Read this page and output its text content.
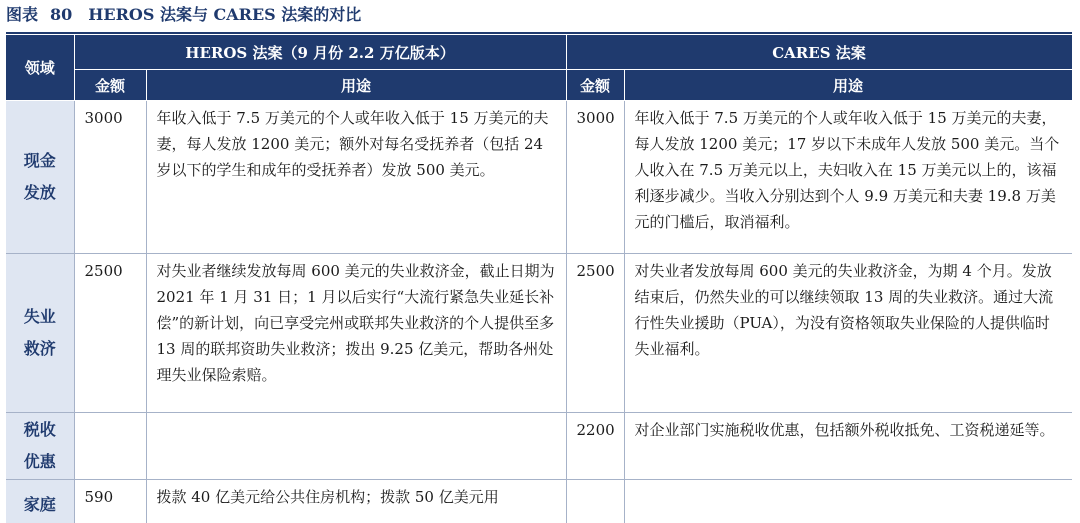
图表 80 HEROS 法案与 CARES 法案的对比
领域	HEROS 法案（9 月份 2.2 万亿版本）		CARES 法案	
	金额	用途	金额	用途

现金
发放	3000	年收入低于 7.5 万美元的个人或年收入低于 15 万美元的夫妻，每人发放 1200 美元；额外对每名受抚养者（包括 24 岁以下的学生和成年的受抚养者）发放 500 美元。	3000	年收入低于 7.5 万美元的个人或年收入低于 15 万美元的夫妻，每人发放 1200 美元；17 岁以下未成年人发放 500 美元。当个人收入在 7.5 万美元以上，夫妇收入在 15 万美元以上的，该福利逐步减少。当收入分别达到个人 9.9 万美元和夫妻 19.8 万美元的门槛后，取消福利。

失业
救济	2500	对失业者继续发放每周 600 美元的失业救济金，截止日期为 2021 年 1 月 31 日；1 月以后实行“大流行紧急失业延长补偿”的新计划，向已享受完州或联邦失业救济的个人提供至多 13 周的联邦资助失业救济；拨出 9.25 亿美元，帮助各州处理失业保险索赔。	2500	对失业者发放每周 600 美元的失业救济金，为期 4 个月。发放结束后，仍然失业的可以继续领取 13 周的失业救济。通过大流行性失业援助（PUA），为没有资格领取失业保险的人提供临时失业福利。

税收
优惠			2200	对企业部门实施税收优惠，包括额外税收抵免、工资税递延等。

家庭	590	拨款 40 亿美元给公共住房机构；拨款 50 亿美元用		
